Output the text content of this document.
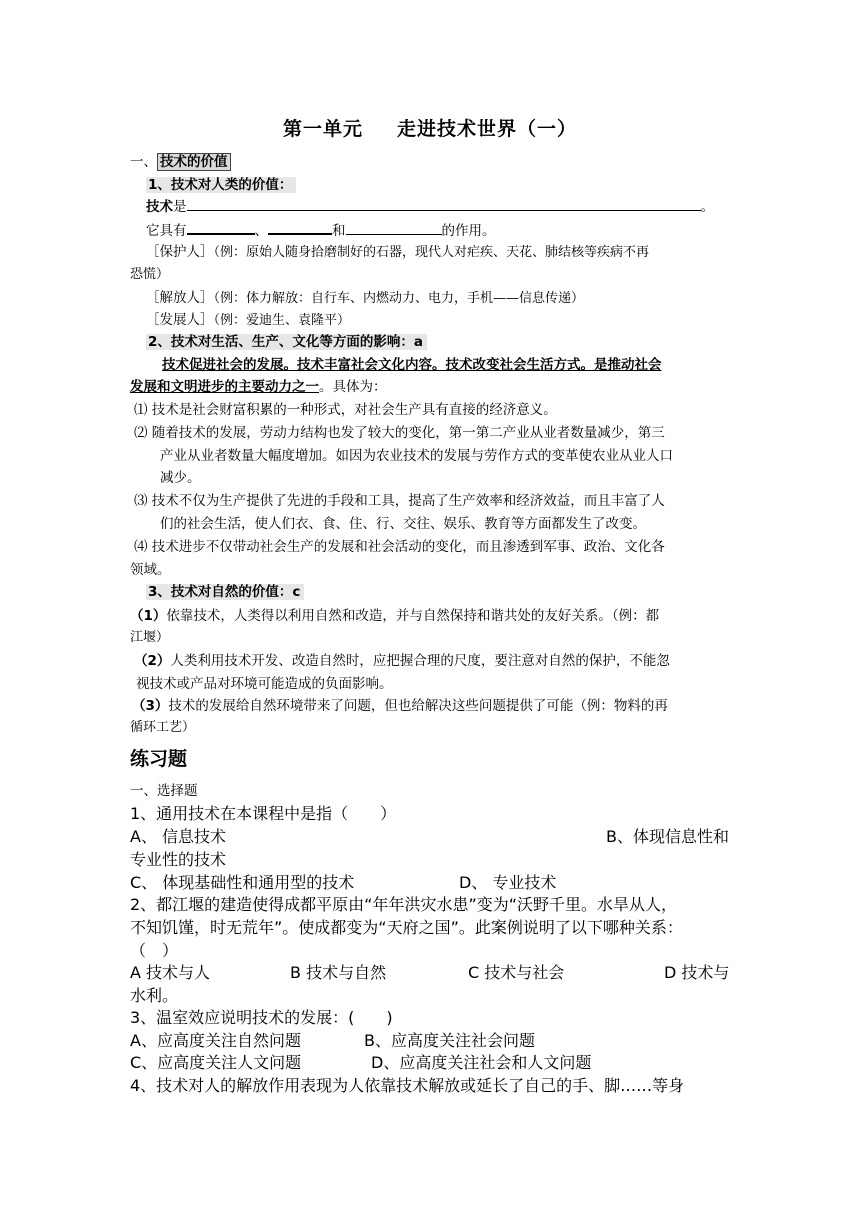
第一单元 走进技术世界（一）
一、 技术的价值
1、技术对人类的价值：
技术是	。
它具有	、	和	的作用。
［保护人］（例：原始人随身拾磨制好的石器，现代人对疟疾、天花、肺结核等疾病不再
恐慌）
［解放人］（例：体力解放：自行车、内燃动力、电力，手机——信息传递）
［发展人］（例：爱迪生、袁隆平）
2、技术对生活、生产、文化等方面的影响：a
技术促进社会的发展。技术丰富社会文化内容。技术改变社会生活方式。是推动社会
发展和文明进步的主要动力之一。具体为：
⑴ 技术是社会财富积累的一种形式，对社会生产具有直接的经济意义。
⑵ 随着技术的发展，劳动力结构也发了较大的变化，第一第二产业从业者数量减少，第三
产业从业者数量大幅度增加。如因为农业技术的发展与劳作方式的变革使农业从业人口
减少。
⑶ 技术不仅为生产提供了先进的手段和工具，提高了生产效率和经济效益，而且丰富了人
们的社会生活，使人们衣、食、住、行、交往、娱乐、教育等方面都发生了改变。
⑷ 技术进步不仅带动社会生产的发展和社会活动的变化，而且渗透到军事、政治、文化各
领域。
3、技术对自然的价值：c
（1）依靠技术，人类得以利用自然和改造，并与自然保持和谐共处的友好关系。（例：都
江堰）
（2）人类利用技术开发、改造自然时，应把握合理的尺度，要注意对自然的保护，不能忽
视技术或产品对环境可能造成的负面影响。
（3）技术的发展给自然环境带来了问题，但也给解决这些问题提供了可能（例：物料的再
循环工艺）
练习题
一、选择题
1、通用技术在本课程中是指（　　）
A、 信息技术	B、体现信息性和
专业性的技术
C、 体现基础性和通用型的技术	D、 专业技术
2、都江堰的建造使得成都平原由“年年洪灾水患”变为“沃野千里。水旱从人，
不知饥馑，时无荒年”。使成都变为“天府之国”。此案例说明了以下哪种关系：
（　）
A 技术与人	B 技术与自然	C 技术与社会	D 技术与
水利。
3、温室效应说明技术的发展：(　　)
A、应高度关注自然问题	B、应高度关注社会问题
C、应高度关注人文问题	D、应高度关注社会和人文问题
4、技术对人的解放作用表现为人依靠技术解放或延长了自己的手、脚……等身
